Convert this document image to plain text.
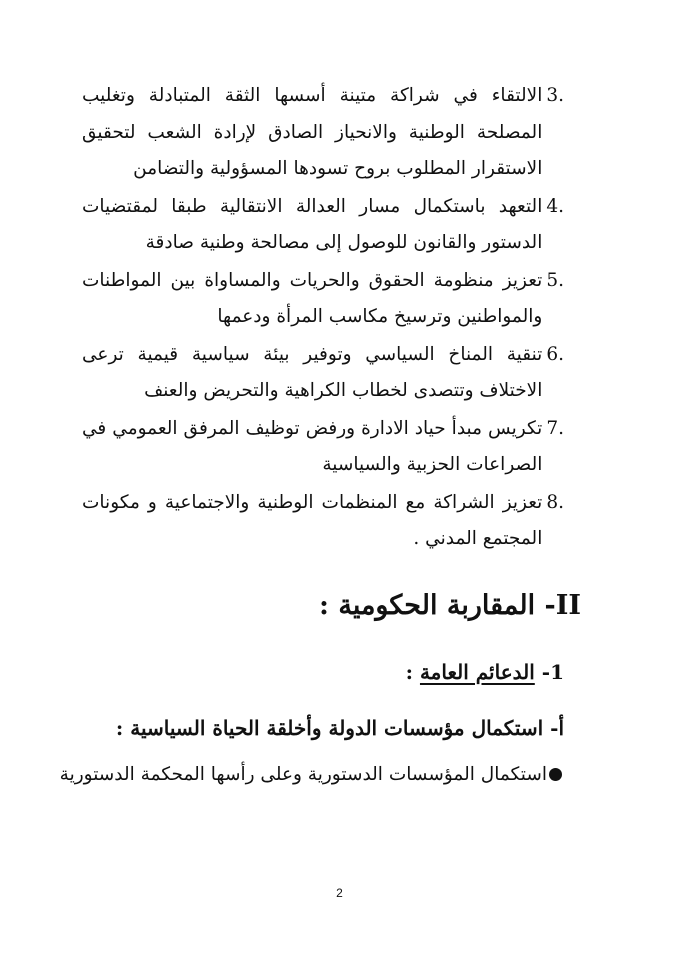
3.
الالتقاء في شراكة متينة أسسها الثقة المتبادلة وتغليب المصلحة الوطنية والانحياز الصادق لإرادة الشعب لتحقيق الاستقرار المطلوب بروح تسودها المسؤولية والتضامن
4.
التعهد باستكمال مسار العدالة الانتقالية طبقا لمقتضيات الدستور والقانون للوصول إلى مصالحة وطنية صادقة
5.
تعزيز منظومة الحقوق والحريات والمساواة بين المواطنات والمواطنين وترسيخ مكاسب المرأة ودعمها
6.
تنقية المناخ السياسي وتوفير بيئة سياسية قيمية ترعى الاختلاف وتتصدى لخطاب الكراهية والتحريض والعنف
7.
تكريس مبدأ حياد الادارة ورفض توظيف المرفق العمومي في الصراعات الحزبية والسياسية
8.
تعزيز الشراكة مع المنظمات الوطنية والاجتماعية و مكونات المجتمع المدني .
II- المقاربة الحكومية :
1- الدعائم العامة :
أ- استكمال مؤسسات الدولة وأخلقة الحياة السياسية :
استكمال المؤسسات الدستورية وعلى رأسها المحكمة الدستورية
2
